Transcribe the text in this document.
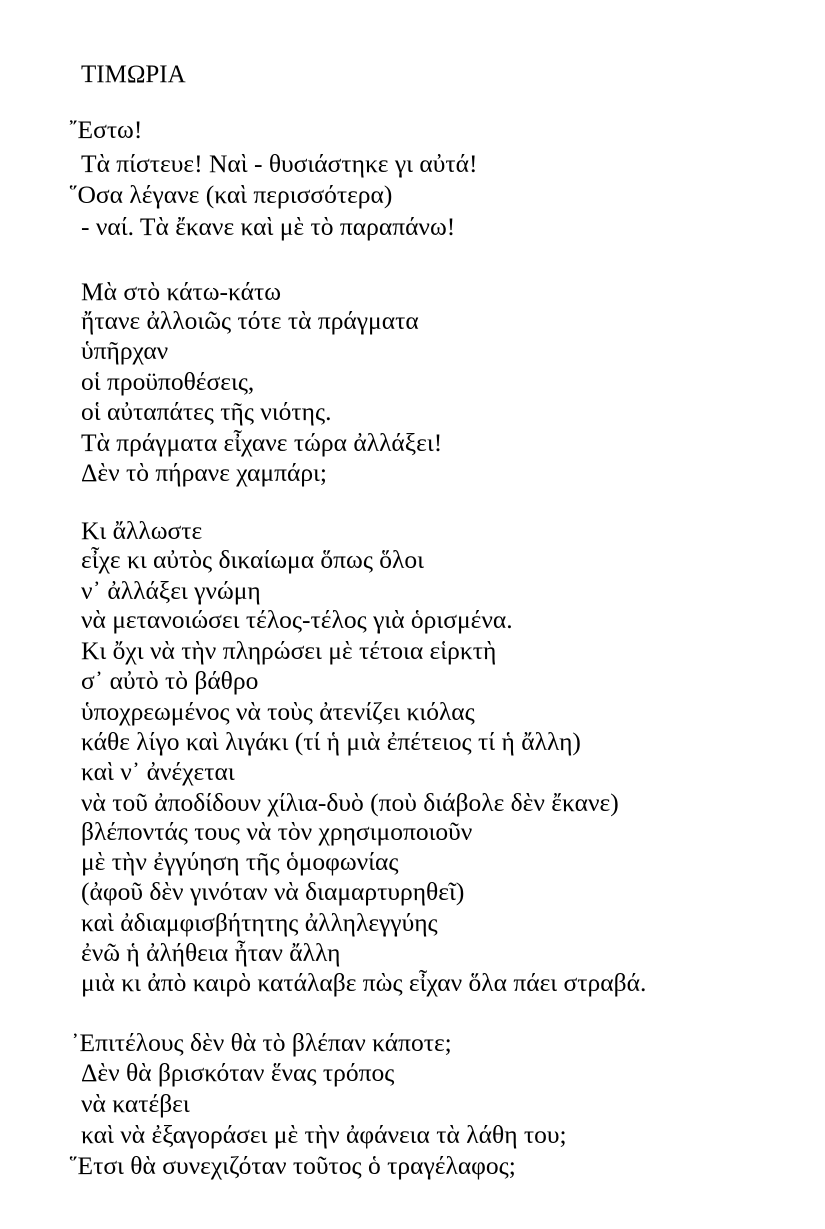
ΤΙΜΩΡΙΑ
῎Εστω!
Τὰ πίστευε! Ναὶ - θυσιάστηκε γι αὐτά!
῞Οσα λέγανε (καὶ περισσότερα)
- ναί. Τὰ ἔκανε καὶ μὲ τὸ παραπάνω!
Μὰ στὸ κάτω-κάτω
ἤτανε ἀλλοιῶς τότε τὰ πράγματα
ὑπῆρχαν
οἱ προϋποθέσεις,
οἱ αὐταπάτες τῆς νιότης.
Τὰ πράγματα εἶχανε τώρα ἀλλάξει!
Δὲν τὸ πήρανε χαμπάρι;
Κι ἄλλωστε
εἶχε κι αὐτὸς δικαίωμα ὅπως ὅλοι
ν᾽ ἀλλάξει γνώμη
νὰ μετανοιώσει τέλος-τέλος γιὰ ὁρισμένα.
Κι ὄχι νὰ τὴν πληρώσει μὲ τέτοια εἱρκτὴ
σ᾽ αὐτὸ τὸ βάθρο
ὑποχρεωμένος νὰ τοὺς ἀτενίζει κιόλας
κάθε λίγο καὶ λιγάκι (τί ἡ μιὰ ἐπέτειος τί ἡ ἄλλη)
καὶ ν᾽ ἀνέχεται
νὰ τοῦ ἀποδίδουν χίλια-δυὸ (ποὺ διάβολε δὲν ἔκανε)
βλέποντάς τους νὰ τὸν χρησιμοποιοῦν
μὲ τὴν ἐγγύηση τῆς ὁμοφωνίας
(ἀφοῦ δὲν γινόταν νὰ διαμαρτυρηθεῖ)
καὶ ἀδιαμφισβήτητης ἀλληλεγγύης
ἐνῶ ἡ ἀλήθεια ἦταν ἄλλη
μιὰ κι ἀπὸ καιρὸ κατάλαβε πὼς εἶχαν ὅλα πάει στραβά.
᾿Επιτέλους δὲν θὰ τὸ βλέπαν κάποτε;
Δὲν θὰ βρισκόταν ἕνας τρόπος
νὰ κατέβει
καὶ νὰ ἐξαγοράσει μὲ τὴν ἀφάνεια τὰ λάθη του;
῞Ετσι θὰ συνεχιζόταν τοῦτος ὁ τραγέλαφος;
